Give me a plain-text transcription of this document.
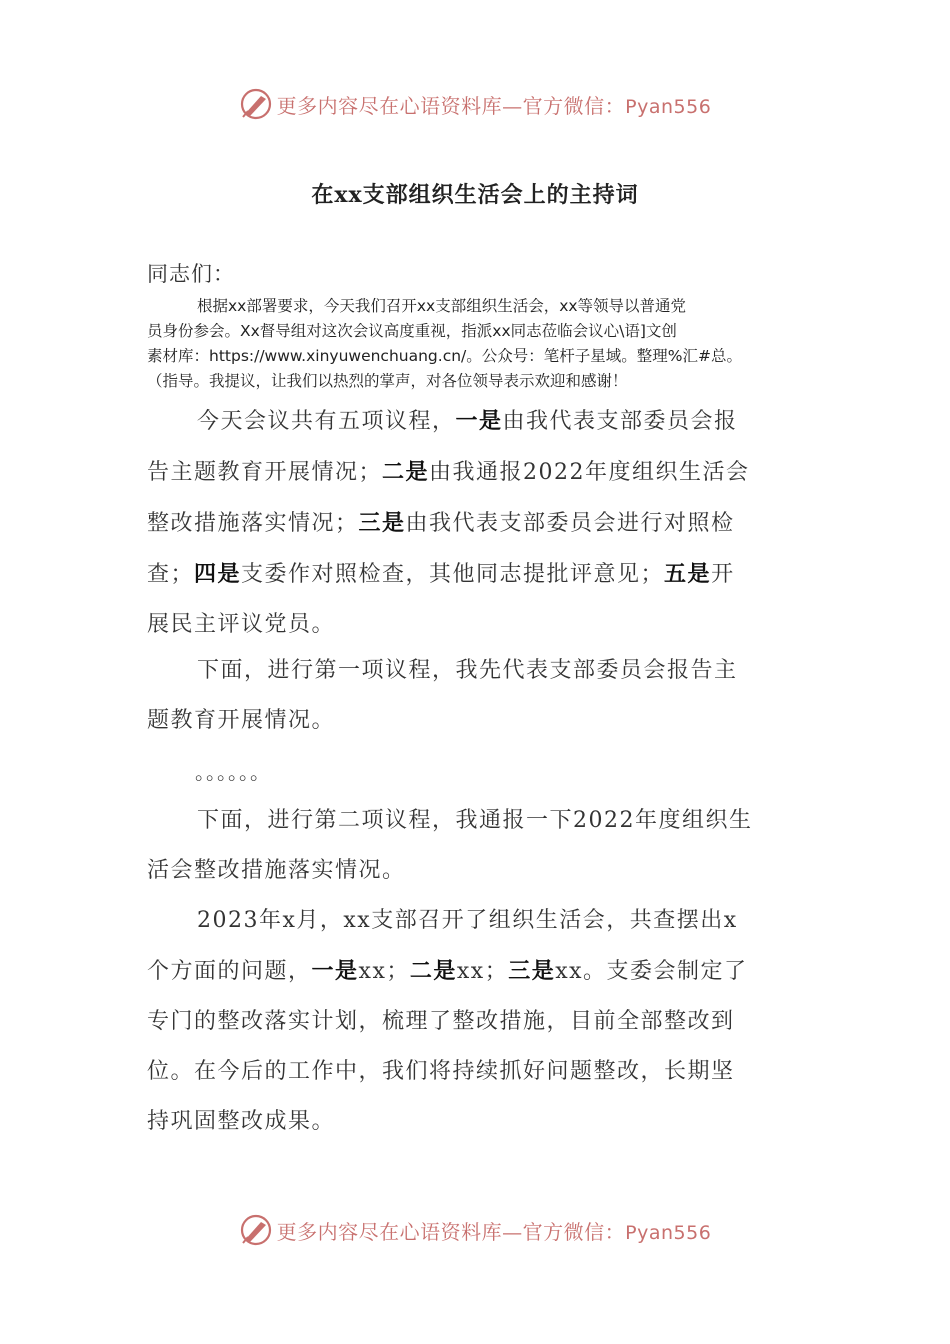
更多内容尽在心语资料库—官方微信：Pyan556
在xx支部组织生活会上的主持词
同志们：

根据xx部署要求，今天我们召开xx支部组织生活会，xx等领导以普通党

员身份参会。Xx督导组对这次会议高度重视，指派xx同志莅临会议心\语]文创

素材库：https://www.xinyuwenchuang.cn/。公众号：笔杆子星域。整理%汇#总。

（指导。我提议，让我们以热烈的掌声，对各位领导表示欢迎和感谢！

今天会议共有五项议程，一是由我代表支部委员会报

告主题教育开展情况；二是由我通报2022年度组织生活会

整改措施落实情况；三是由我代表支部委员会进行对照检

查；四是支委作对照检查，其他同志提批评意见；五是开

展民主评议党员。

下面，进行第一项议程，我先代表支部委员会报告主

题教育开展情况。

。。。。。。

下面，进行第二项议程，我通报一下2022年度组织生

活会整改措施落实情况。

2023年x月，xx支部召开了组织生活会，共查摆出x

个方面的问题，一是xx；二是xx；三是xx。支委会制定了

专门的整改落实计划，梳理了整改措施，目前全部整改到

位。在今后的工作中，我们将持续抓好问题整改，长期坚

持巩固整改成果。

更多内容尽在心语资料库—官方微信：Pyan556
